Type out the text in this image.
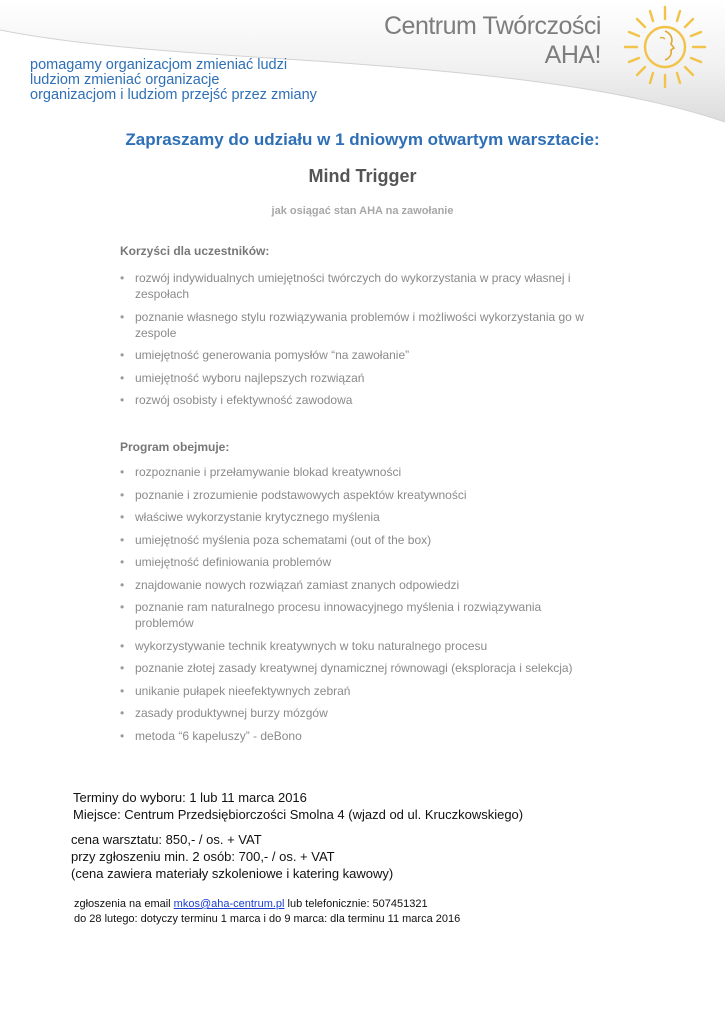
Centrum Twórczości
AHA!
pomagamy organizacjom zmieniać ludzi
ludziom zmieniać organizacje
organizacjom i ludziom przejść przez zmiany
Zapraszamy do udziału w 1 dniowym otwartym warsztacie:
Mind Trigger
jak osiągać stan AHA na zawołanie
Korzyści dla uczestników:
• rozwój indywidualnych umiejętności twórczych do wykorzystania w pracy własnej i zespołach
• poznanie własnego stylu rozwiązywania problemów i możliwości wykorzystania go w zespole
• umiejętność generowania pomysłów “na zawołanie”
• umiejętność wyboru najlepszych rozwiązań
• rozwój osobisty i efektywność zawodowa
Program obejmuje:
• rozpoznanie i przełamywanie blokad kreatywności
• poznanie i zrozumienie podstawowych aspektów kreatywności
• właściwe wykorzystanie krytycznego myślenia
• umiejętność myślenia poza schematami (out of the box)
• umiejętność definiowania problemów
• znajdowanie nowych rozwiązań zamiast znanych odpowiedzi
• poznanie ram naturalnego procesu innowacyjnego myślenia i rozwiązywania problemów
• wykorzystywanie technik kreatywnych w toku naturalnego procesu
• poznanie złotej zasady kreatywnej dynamicznej równowagi (eksploracja i selekcja)
• unikanie pułapek nieefektywnych zebrań
• zasady produktywnej burzy mózgów
• metoda “6 kapeluszy” - deBono
Terminy do wyboru: 1 lub 11 marca 2016
Miejsce: Centrum Przedsiębiorczości Smolna 4 (wjazd od ul. Kruczkowskiego)
cena warsztatu: 850,- / os. + VAT
przy zgłoszeniu min. 2 osób: 700,- / os. + VAT
(cena zawiera materiały szkoleniowe i katering kawowy)
zgłoszenia na email mkos@aha-centrum.pl lub telefonicznie: 507451321
do 28 lutego: dotyczy terminu 1 marca i do 9 marca: dla terminu 11 marca 2016
